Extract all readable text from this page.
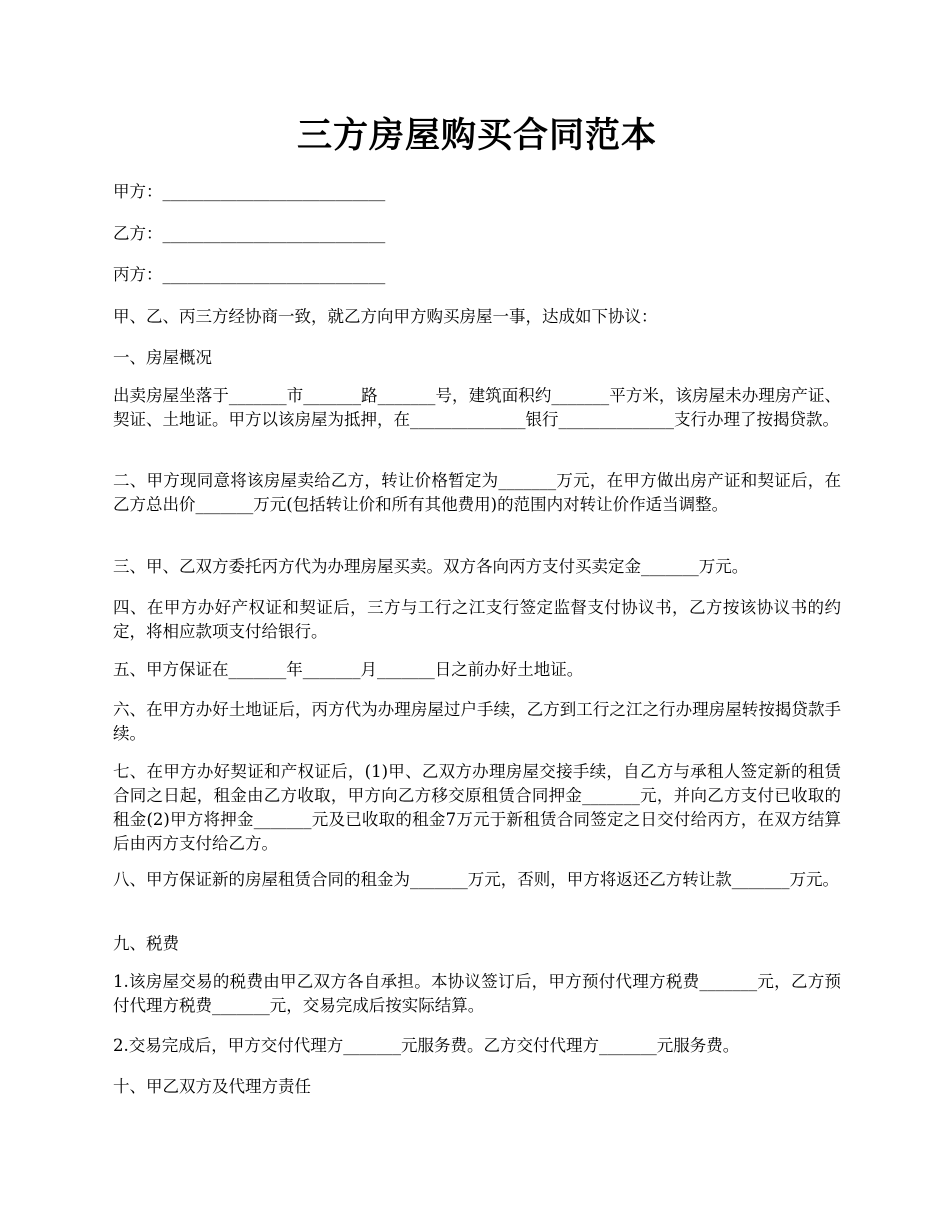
三方房屋购买合同范本
甲方：___________________________
乙方：___________________________
丙方：___________________________
甲、乙、丙三方经协商一致，就乙方向甲方购买房屋一事，达成如下协议：
一、房屋概况
出卖房屋坐落于_______市_______路_______号，建筑面积约_______平方米，该房屋未办理房产证、契证、土地证。甲方以该房屋为抵押，在______________银行______________支行办理了按揭贷款。
二、甲方现同意将该房屋卖给乙方，转让价格暂定为_______万元，在甲方做出房产证和契证后，在乙方总出价_______万元(包括转让价和所有其他费用)的范围内对转让价作适当调整。
三、甲、乙双方委托丙方代为办理房屋买卖。双方各向丙方支付买卖定金_______万元。
四、在甲方办好产权证和契证后，三方与工行之江支行签定监督支付协议书，乙方按该协议书的约定，将相应款项支付给银行。
五、甲方保证在_______年_______月_______日之前办好土地证。
六、在甲方办好土地证后，丙方代为办理房屋过户手续，乙方到工行之江之行办理房屋转按揭贷款手续。
七、在甲方办好契证和产权证后，(1)甲、乙双方办理房屋交接手续，自乙方与承租人签定新的租赁合同之日起，租金由乙方收取，甲方向乙方移交原租赁合同押金_______元，并向乙方支付已收取的租金(2)甲方将押金_______元及已收取的租金7万元于新租赁合同签定之日交付给丙方，在双方结算后由丙方支付给乙方。
八、甲方保证新的房屋租赁合同的租金为_______万元，否则，甲方将返还乙方转让款_______万元。
九、税费
1.该房屋交易的税费由甲乙双方各自承担。本协议签订后，甲方预付代理方税费_______元，乙方预付代理方税费_______元，交易完成后按实际结算。
2.交易完成后，甲方交付代理方_______元服务费。乙方交付代理方_______元服务费。
十、甲乙双方及代理方责任
